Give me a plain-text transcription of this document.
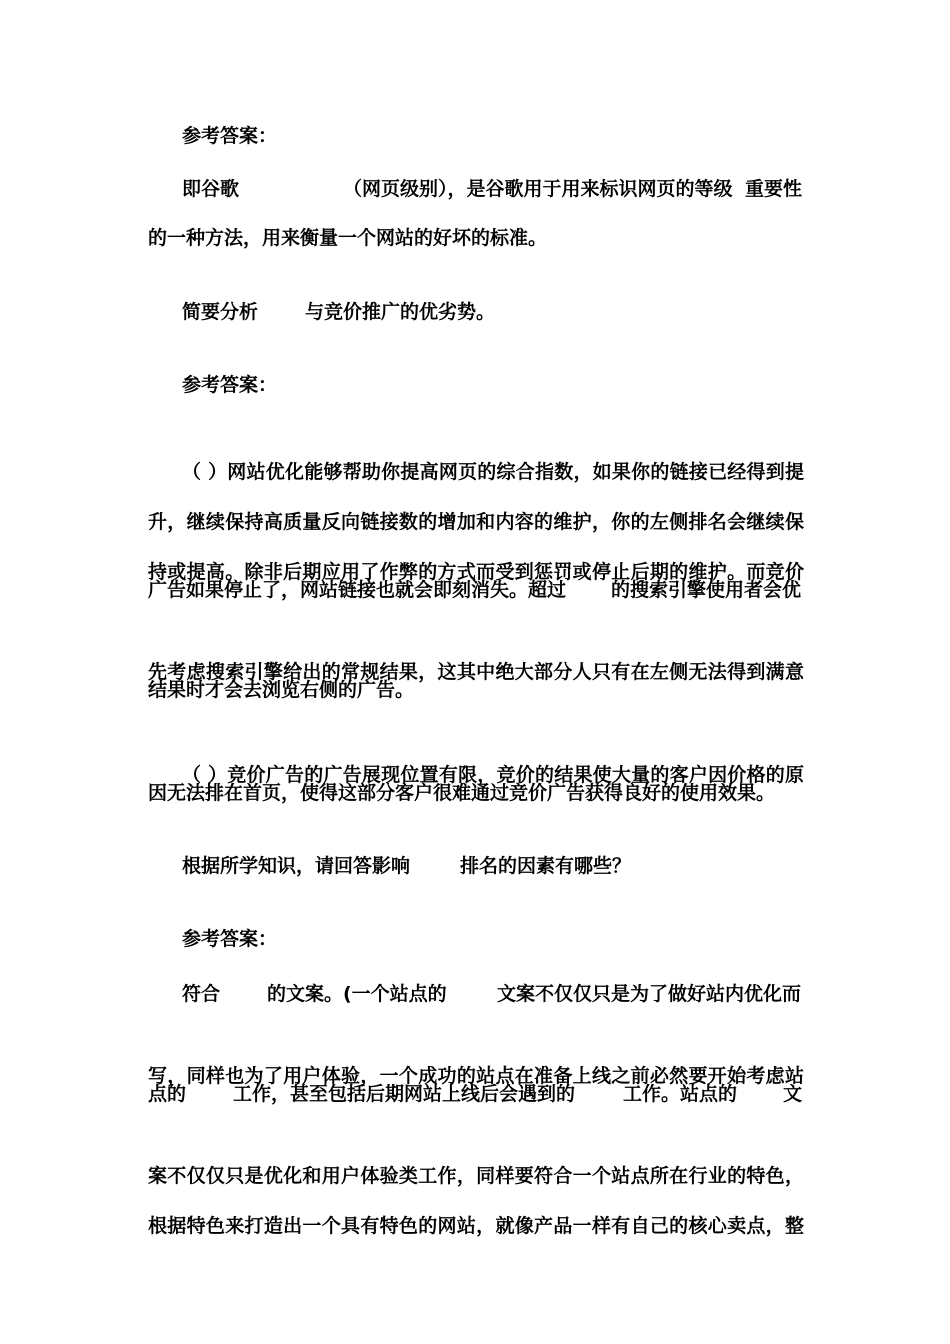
参考答案：

即谷歌

	（网页级别），是谷歌用于用来标识网页的等级

重要性

的一种方法，用来衡量一个网站的好坏的标准。

简要分析

与竞价推广的优劣势。

参考答案：

（ ）网站优化能够帮助你提高网页的综合指数，如果你的链接已经得到提

升，继续保持高质量反向链接数的增加和内容的维护，你的左侧排名会继续保

持或提高。除非后期应用了作弊的方式而受到惩罚或停止后期的维护。而竞价

广告如果停止了，网站链接也就会即刻消失。超过

的搜索引擎使用者会优

先考虑搜索引擎给出的常规结果，这其中绝大部分人只有在左侧无法得到满意

结果时才会去浏览右侧的广告。

（ ）竞价广告的广告展现位置有限，竞价的结果使大量的客户因价格的原

因无法排在首页，使得这部分客户很难通过竞价广告获得良好的使用效果。

根据所学知识，请回答影响

	排名的因素有哪些？

参考答案：

符合

的文案。(一个站点的

	文案不仅仅只是为了做好站内优化而

写，同样也为了用户体验，一个成功的站点在准备上线之前必然要开始考虑站

点的

工作，甚至包括后期网站上线后会遇到的

	工作。站点的

文

案不仅仅只是优化和用户体验类工作，同样要符合一个站点所在行业的特色，

根据特色来打造出一个具有特色的网站，就像产品一样有自己的核心卖点，整
